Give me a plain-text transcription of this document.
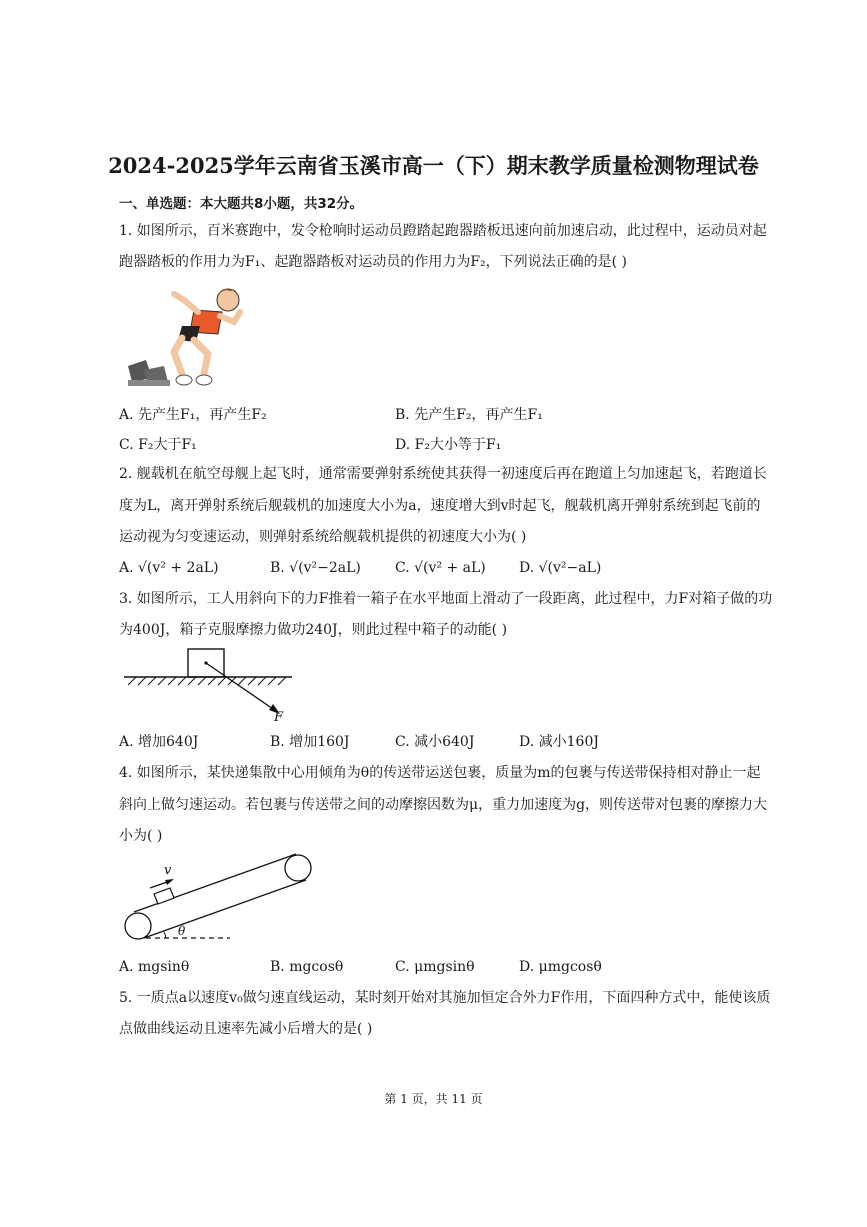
2024-2025学年云南省玉溪市高一（下）期末教学质量检测物理试卷
一、单选题：本大题共8小题，共32分。
1. 如图所示，百米赛跑中，发令枪响时运动员蹬踏起跑器踏板迅速向前加速启动，此过程中，运动员对起
跑器踏板的作用力为F₁、起跑器踏板对运动员的作用力为F₂，下列说法正确的是( )
A. 先产生F₁，再产生F₂	B. 先产生F₂，再产生F₁
C. F₂大于F₁	D. F₂大小等于F₁
2. 舰载机在航空母舰上起飞时，通常需要弹射系统使其获得一初速度后再在跑道上匀加速起飞，若跑道长
度为L，离开弹射系统后舰载机的加速度大小为a，速度增大到v时起飞，舰载机离开弹射系统到起飞前的
运动视为匀变速运动，则弹射系统给舰载机提供的初速度大小为( )
A. √(v² + 2aL)	B. √(v²−2aL) C. √(v² + aL) D. √(v²−aL)
3. 如图所示，工人用斜向下的力F推着一箱子在水平地面上滑动了一段距离，此过程中，力F对箱子做的功
为400J，箱子克服摩擦力做功240J，则此过程中箱子的动能( )
F
A. 增加640J	B. 增加160J	C. 减小640J	D. 减小160J
4. 如图所示，某快递集散中心用倾角为θ的传送带运送包裹，质量为m的包裹与传送带保持相对静止一起
斜向上做匀速运动。若包裹与传送带之间的动摩擦因数为μ，重力加速度为g，则传送带对包裹的摩擦力大
小为( )
v
θ
A. mgsinθ	B. mgcosθ	C. μmgsinθ	D. μmgcosθ
5. 一质点a以速度v₀做匀速直线运动，某时刻开始对其施加恒定合外力F作用，下面四种方式中，能使该质
点做曲线运动且速率先减小后增大的是( )
第 1 页，共 11 页
